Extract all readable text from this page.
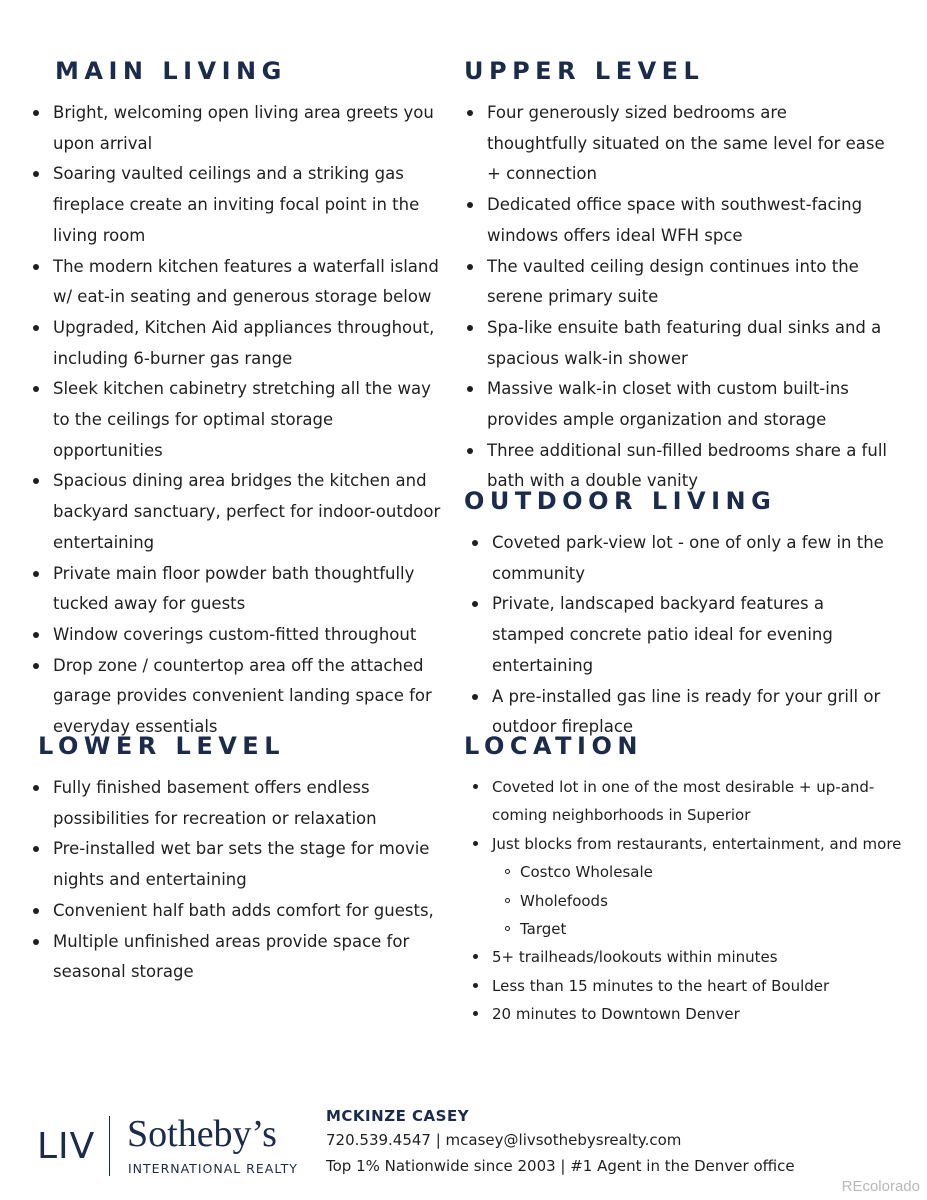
MAIN LIVING
Bright, welcoming open living area greets you upon arrival
Soaring vaulted ceilings and a striking gas fireplace create an inviting focal point in the living room
The modern kitchen features a waterfall island w/ eat-in seating and generous storage below
Upgraded, Kitchen Aid appliances throughout, including 6-burner gas range
Sleek kitchen cabinetry stretching all the way to the ceilings for optimal storage opportunities
Spacious dining area bridges the kitchen and backyard sanctuary, perfect for indoor-outdoor entertaining
Private main floor powder bath thoughtfully tucked away for guests
Window coverings custom-fitted throughout
Drop zone / countertop area off the attached garage provides convenient landing space for everyday essentials
UPPER LEVEL
Four generously sized bedrooms are thoughtfully situated on the same level for ease + connection
Dedicated office space with southwest-facing windows offers ideal WFH spce
The vaulted ceiling design continues into the serene primary suite
Spa-like ensuite bath featuring dual sinks and a spacious walk-in shower
Massive walk-in closet with custom built-ins provides ample organization and storage
Three additional sun-filled bedrooms share a full bath with a double vanity
OUTDOOR LIVING
Coveted park-view lot - one of only a few in the community
Private, landscaped backyard features a stamped concrete patio ideal for evening entertaining
A pre-installed gas line is ready for your grill or outdoor fireplace
LOWER LEVEL
Fully finished basement offers endless possibilities for recreation or relaxation
Pre-installed wet bar sets the stage for movie nights and entertaining
Convenient half bath adds comfort for guests,
Multiple unfinished areas provide space for seasonal storage
LOCATION
Coveted lot in one of the most desirable + up-and-coming neighborhoods in Superior
Just blocks from restaurants, entertainment, and more
Costco Wholesale
Wholefoods
Target
5+ trailheads/lookouts within minutes
Less than 15 minutes to the heart of Boulder
20 minutes to Downtown Denver
LIV Sotheby’s
INTERNATIONAL REALTY
MCKINZE CASEY
720.539.4547 | mcasey@livsothebysrealty.com
Top 1% Nationwide since 2003 | #1 Agent in the Denver office
REcolorado
